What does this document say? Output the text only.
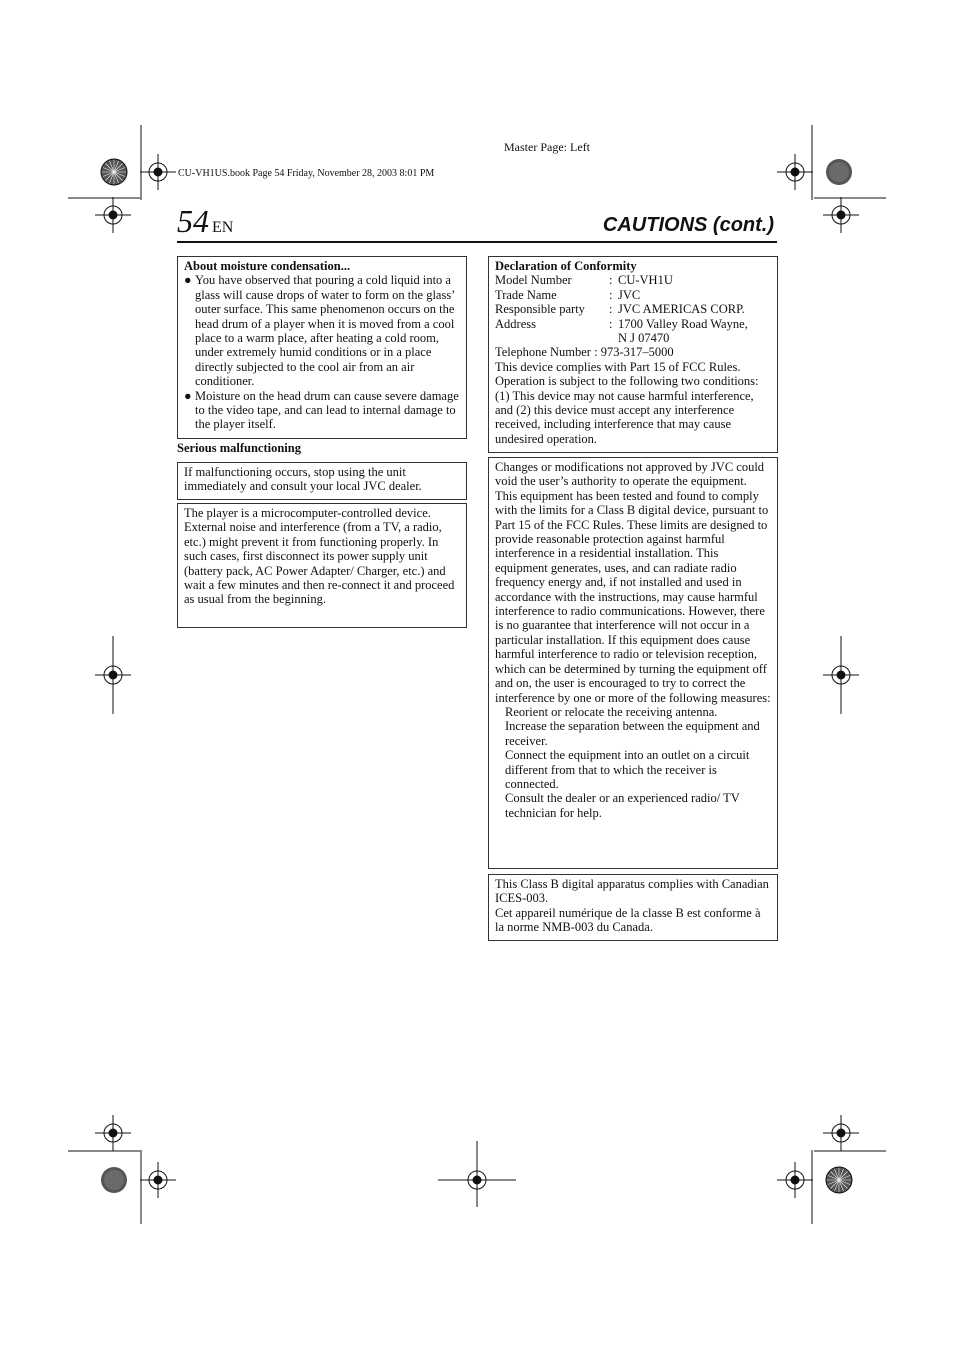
Master Page: Left
CU-VH1US.book Page 54 Friday, November 28, 2003 8:01 PM
54 EN	CAUTIONS (cont.)

About moisture condensation...

● You have observed that pouring a cold liquid into a glass will cause drops of water to form on the glass’ outer surface. This same phenomenon occurs on the head drum of a player when it is moved from a cool place to a warm place, after heating a cold room, under extremely humid conditions or in a place directly subjected to the cool air from an air conditioner.
● Moisture on the head drum can cause severe damage to the video tape, and can lead to internal damage to the player itself.
Serious malfunctioning

If malfunctioning occurs, stop using the unit immediately and consult your local JVC dealer.

The player is a microcomputer-controlled device. External noise and interference (from a TV, a radio, etc.) might prevent it from functioning properly. In such cases, first disconnect its power supply unit (battery pack, AC Power Adapter/ Charger, etc.) and wait a few minutes and then re-connect it and proceed as usual from the beginning.

Declaration of Conformity

Model Number	: CU-VH1U
Trade Name	: JVC
Responsible party	: JVC AMERICAS CORP.
Address	: 1700 Valley Road Wayne,
N J 07470

Telephone Number : 973-317–5000

This device complies with Part 15 of FCC Rules. Operation is subject to the following two conditions: (1) This device may not cause harmful interference, and (2) this device must accept any interference received, including interference that may cause undesired operation.

Changes or modifications not approved by JVC could void the user’s authority to operate the equipment. This equipment has been tested and found to comply with the limits for a Class B digital device, pursuant to Part 15 of the FCC Rules. These limits are designed to provide reasonable protection against harmful interference in a residential installation. This equipment generates, uses, and can radiate radio frequency energy and, if not installed and used in accordance with the instructions, may cause harmful interference to radio communications. However, there is no guarantee that interference will not occur in a particular installation. If this equipment does cause harmful interference to radio or television reception, which can be determined by turning the equipment off and on, the user is encouraged to try to correct the interference by one or more of the following measures:

Reorient or relocate the receiving antenna.

Increase the separation between the equipment and receiver.

Connect the equipment into an outlet on a circuit different from that to which the receiver is connected.

Consult the dealer or an experienced radio/ TV technician for help.

This Class B digital apparatus complies with Canadian ICES-003.

Cet appareil numérique de la classe B est conforme à la norme NMB-003 du Canada.
